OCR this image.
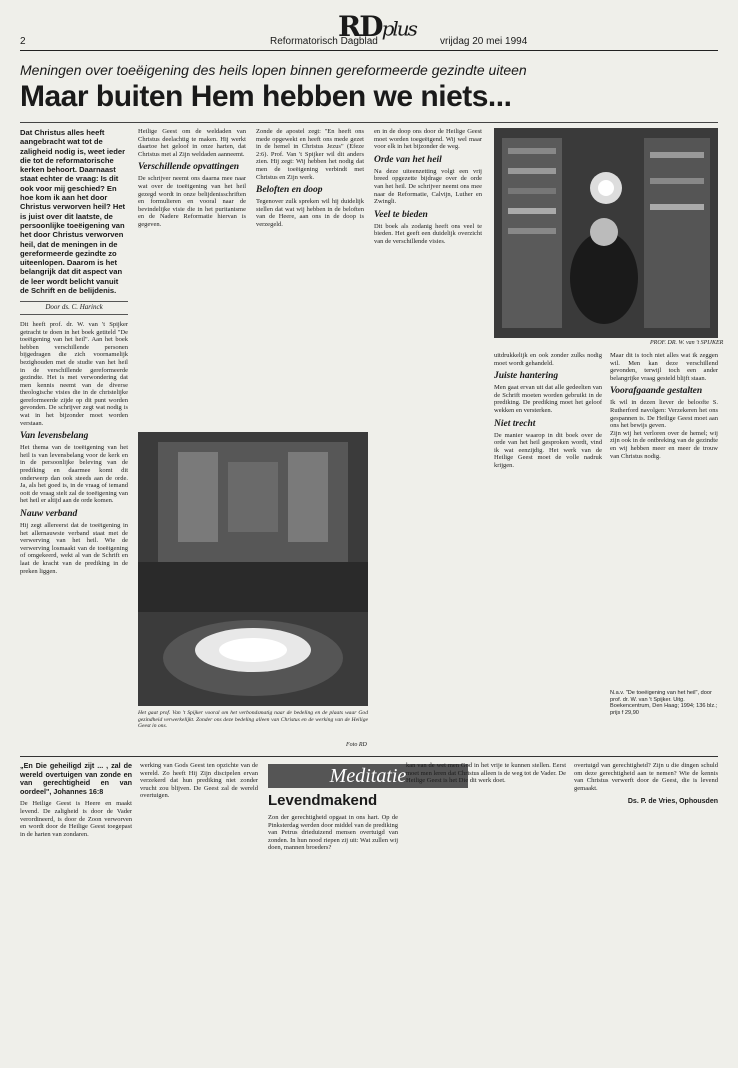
2	Reformatorisch Dagblad
RDplus
vrijdag 20 mei 1994
Meningen over toeëigening des heils lopen binnen gereformeerde gezindte uiteen
Maar buiten Hem hebben we niets...
Dat Christus alles heeft aangebracht wat tot de zaligheid nodig is, weet ieder die tot de reformatorische kerken behoort. Daarnaast staat echter de vraag: Is dit ook voor mij geschied? En hoe kom ik aan het door Christus verworven heil? Het is juist over dit laatste, de persoonlijke toeëigening van het door Christus verworven heil, dat de meningen in de gereformeerde gezindte zo uiteenlopen. Daarom is het belangrijk dat dit aspect van de leer wordt belicht vanuit de Schrift en de belijdenis.
Door ds. C. Harinck
Dit heeft prof. dr. W. van 't Spijker getracht te doen in het boek getiteld "De toeëigening van het heil". Aan het boek hebben verschillende personen bijgedragen die zich voornamelijk bezighouden met de studie van het heil in de verschillende gereformeerde gezindte. Het is met verwondering dat men kennis neemt van de diverse theologische visies die in de christelijke gereformeerde zijde op dit punt worden gevonden. De schrijver zegt wat nodig is wat in het bijzonder moet worden verstaan.
Van levensbelang
Het thema van de toeëigening van het heil is van levensbelang voor de kerk en in de persoonlijke beleving van de prediking en daarmee komt dit onderwerp dan ook steeds aan de orde. Ja, als het goed is, in de vraag of iemand ooit de vraag stelt zal de toeëigening van het heil er altijd aan de orde komen.
Nauw verband
Hij zegt allereerst dat de toeëigening in het allernauwste verband staat met de verwerving van het heil. Wie de verwerving losmaakt van de toeëigening of omgekeerd, wekt al van de Schrift en laat de kracht van de prediking in de preken liggen.
Heilige Geest om de weldaden van Christus deelachtig te maken. Hij werkt daartoe het geloof in onze harten, dat Christus met al Zijn weldaden aanneemt.
Verschillende opvattingen
De schrijver neemt ons daarna mee naar wat over de toeëigening van het heil gezegd wordt in onze belijdenisschriften en formulieren en vooral naar de bevindelijke visie die in het puritanisme en de Nadere Reformatie hiervan is gegeven.
Zonde de apostel zegt: "En heeft ons mede opgewekt en heeft ons mede gezet in de hemel in Christus Jezus" (Efeze 2:6). Prof. Van 't Spijker wil dit anders zien. Hij zegt: Wij hebben het nodig dat men de toeëigening verbindt met Christus en Zijn werk.
Beloften en doop
Tegenover zulk spreken wil hij duidelijk stellen dat wat wij hebben in de beloften van de Heere, aan ons in de doop is verzegeld.
en in de doop ons door de Heilige Geest moet worden toegeëigend. Wij wel maar voor elk in het bijzonder de weg.
Orde van het heil
Na deze uiteenzetting volgt een vrij breed opgezette bijdrage over de orde van het heil. De schrijver neemt ons mee naar de Reformatie, Calvijn, Luther en Zwingli.
Veel te bieden
Dit boek als zodanig heeft ons veel te bieden. Het geeft een duidelijk overzicht van de verschillende visies.
PROF. DR. W. van 't SPIJKER
uitdrukkelijk en ook zonder zulks nodig moet wordt gehandeld.
Juiste hantering
Men gaat ervan uit dat alle gedeelten van de Schrift moeten worden gebruikt in de prediking. De prediking moet het geloof wekken en versterken.
Niet trecht
De manier waarop in dit boek over de orde van het heil gesproken wordt, vind ik wat eenzijdig. Het werk van de Heilige Geest moet de volle nadruk krijgen.
Maar dit is toch niet alles wat ik zeggen wil. Men kan deze verschillend gevonden, terwijl toch een ander belangrijke vraag gesteld blijft staan.
Voorafgaande gestalten
Ik wil in dezen liever de beloofte S. Rutherford navolgen: Verzekeren het ons gespannen is. De Heilige Geest moet aan ons het bewijs geven.
Zijn wij het verloren over de hemel; wij zijn ook in de ontbreking van de gezindte en wij hebben meer en meer de trouw van Christus nodig.
N.a.v. "De toeëigening van het heil", door prof. dr. W. van 't Spijker. Uitg. Boekencentrum, Den Haag; 1994; 136 blz.; prijs f 29,90
Het gaat prof. Van 't Spijker vooral om het verbondsmatig naar de bedeling en de plaats waar God gezindheid verwerkelijkt. Zonder ons deze bedeling alleen van Christus en de werking van de Heilige Geest in ons.
Foto RD
„En Die geheiligd zijt ... , zal de wereld overtuigen van zonde en van gerechtigheid en van oordeel", Johannes 16:8
De Heilige Geest is Heere en maakt levend. De zaligheid is door de Vader verordineerd, is door de Zoon verworven en wordt door de Heilige Geest toegepast in de harten van zondaren.
werking van Gods Geest ten opzichte van de wereld. Zo heeft Hij Zijn discipelen ervan verzekerd dat hun prediking niet zonder vrucht zou blijven. De Geest zal de wereld overtuigen.
Meditatie
Levendmakend
Zon der gerechtigheid opgaat in ons hart. Op de Pinksterdag werden door middel van de prediking van Petrus drieduizend mensen overtuigd van zonden. In hun nood riepen zij uit: Wat zullen wij doen, mannen broeders?
kan van de wet men God in het vrije te kunnen stellen. Eerst moet men leren dat Christus alleen is de weg tot de Vader. De Heilige Geest is het Die dit werk doet.
overtuigd van gerechtigheid? Zijn u die dingen schuld om deze gerechtigheid aan te nemen? Wie de kennis van Christus verwerft door de Geest, die is levend gemaakt.
Ds. P. de Vries, Ophousden
